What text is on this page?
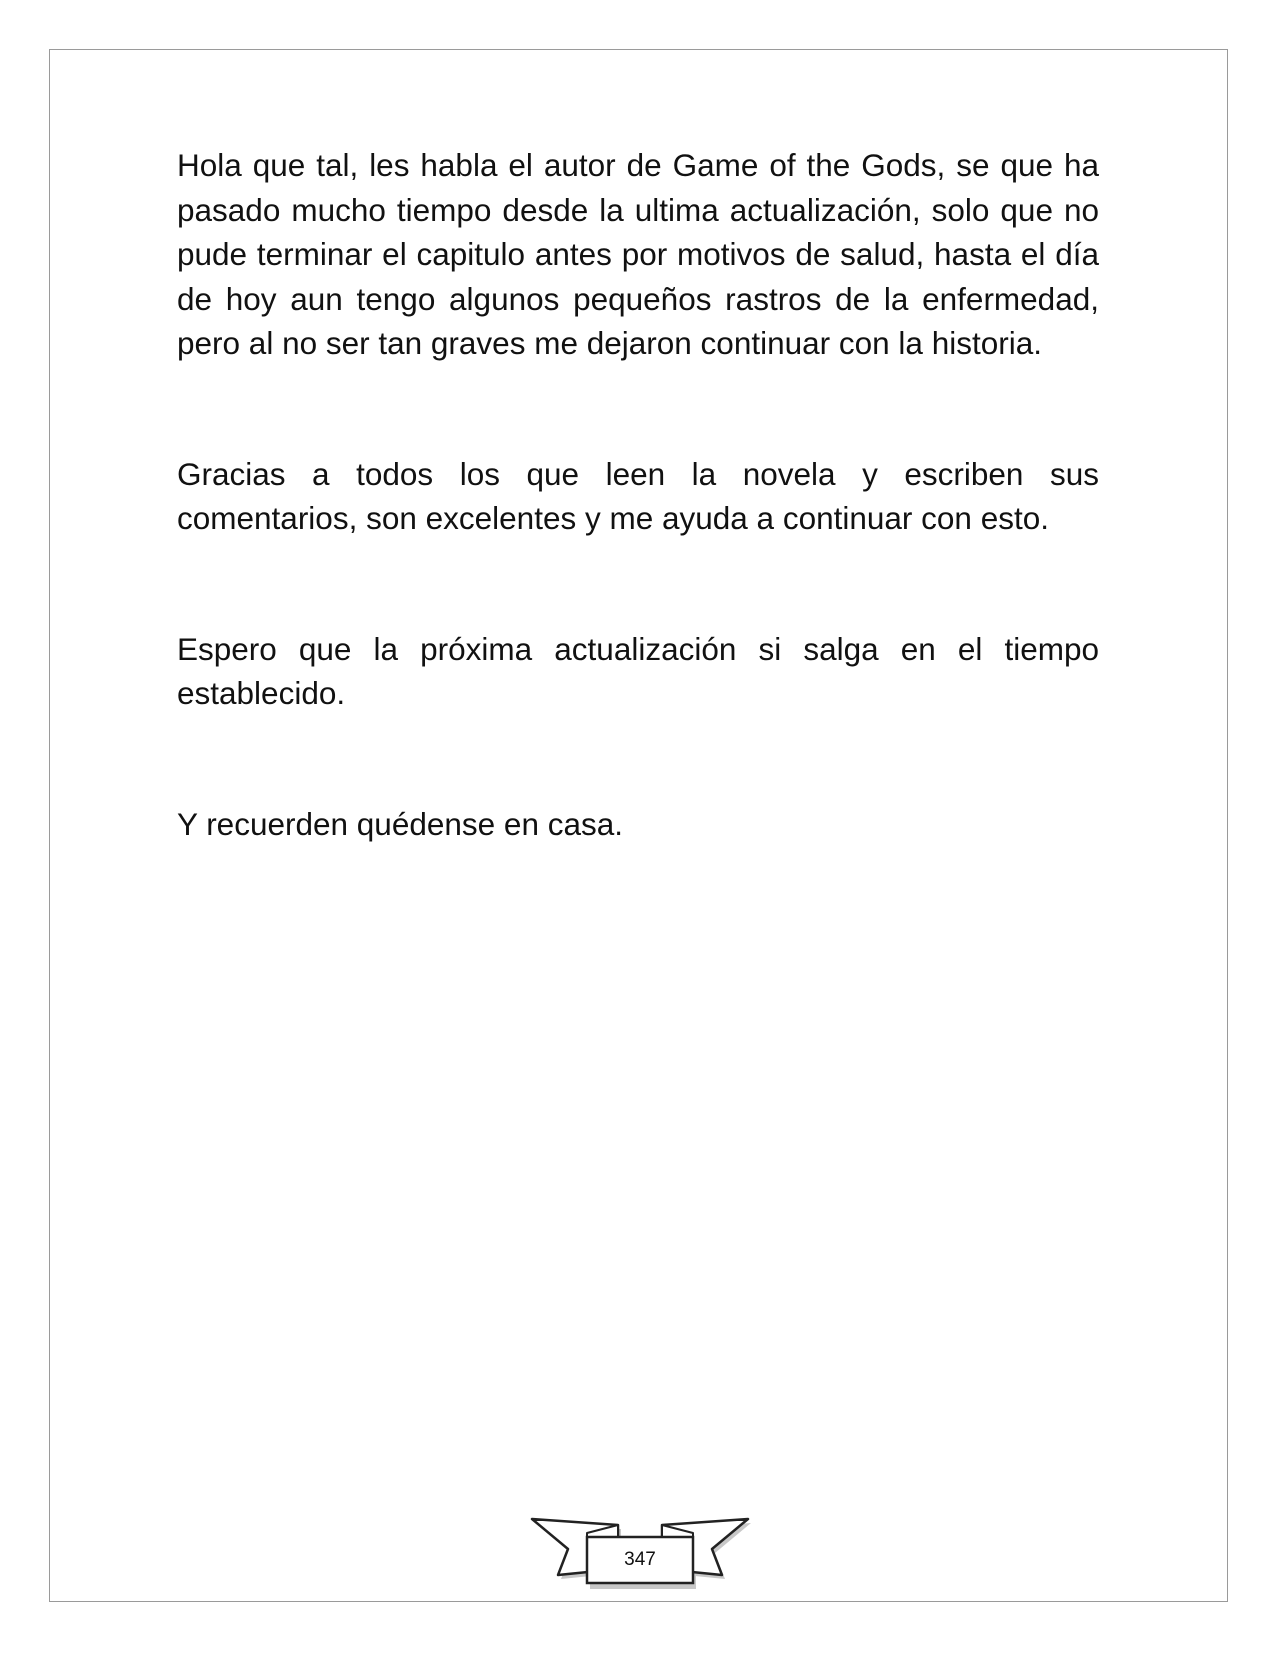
Hola que tal, les habla el autor de Game of the Gods, se que ha pasado mucho tiempo desde la ultima actualización, solo que no pude terminar el capitulo antes por motivos de salud, hasta el día de hoy aun tengo algunos pequeños rastros de la enfermedad, pero al no ser tan graves me dejaron continuar con la historia.

Gracias a todos los que leen la novela y escriben sus comentarios, son excelentes y me ayuda a continuar con esto.

Espero que la próxima actualización si salga en el tiempo establecido.

Y recuerden quédense en casa.

347
